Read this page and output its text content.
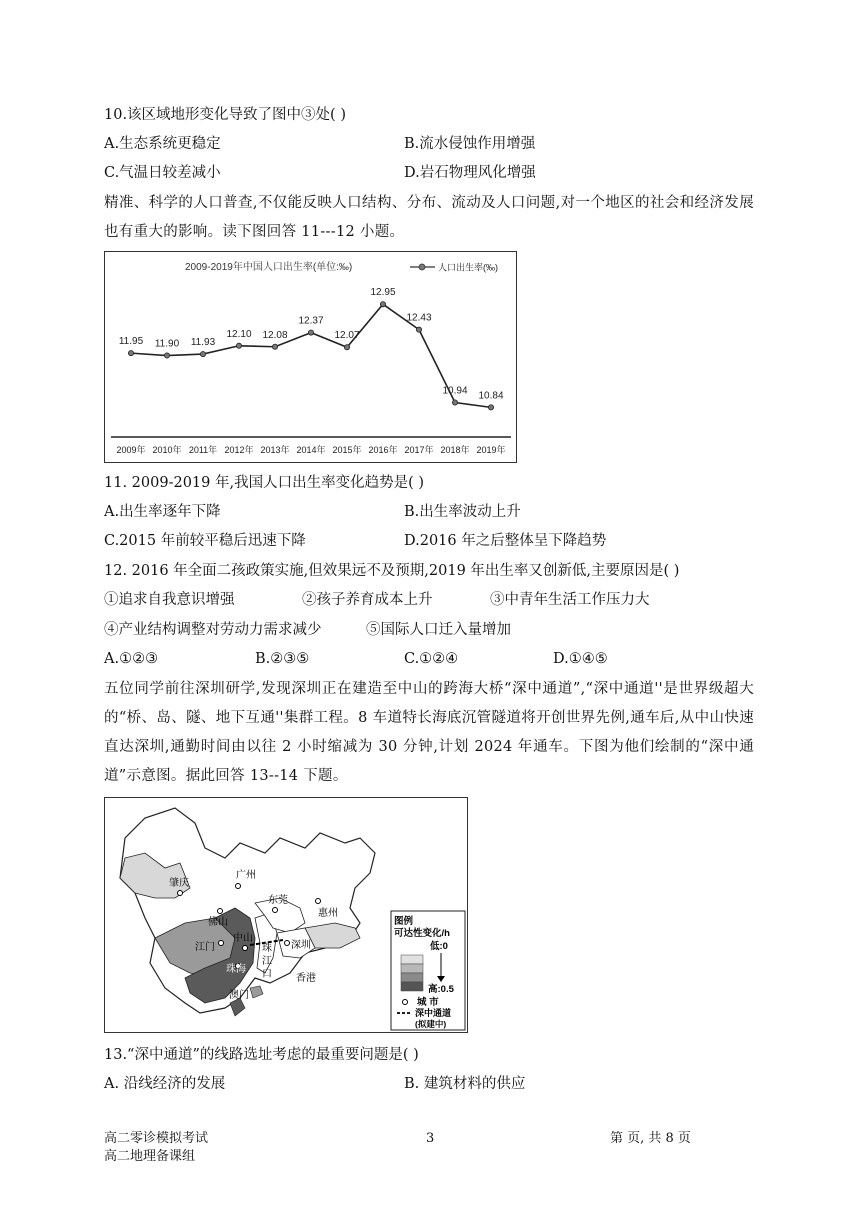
10.该区域地形变化导致了图中③处( )
A.生态系统更稳定	B.流水侵蚀作用增强
C.气温日较差减小	D.岩石物理风化增强
精准、科学的人口普查,不仅能反映人口结构、分布、流动及人口问题,对一个地区的社会和经济发展也有重大的影响。读下图回答 11---12 小题。
2009-2019年中国人口出生率(单位:‰)	人口出生率(‰)
11.95
2009年
11.90
2010年
11.93
2011年
12.10
2012年
12.08
2013年
12.37
2014年
12.07
2015年
12.95
2016年
12.43
2017年
10.94
2018年
10.84
2019年
11. 2009-2019 年,我国人口出生率变化趋势是( )
A.出生率逐年下降	B.出生率波动上升
C.2015 年前较平稳后迅速下降	D.2016 年之后整体呈下降趋势
12. 2016 年全面二孩政策实施,但效果远不及预期,2019 年出生率又创新低,主要原因是( )
①追求自我意识增强	②孩子养育成本上升	③中青年生活工作压力大
④产业结构调整对劳动力需求减少	⑤国际人口迁入量增加
A.①②③	B.②③⑤	C.①②④	D.①④⑤
五位同学前往深圳研学,发现深圳正在建造至中山的跨海大桥“深中通道”,“深中通道''是世界级超大的“桥、岛、隧、地下互通''集群工程。8 车道特长海底沉管隧道将开创世界先例,通车后,从中山快速直达深圳,通勤时间由以往 2 小时缩减为 30 分钟,计划 2024 年通车。下图为他们绘制的“深中通道”示意图。据此回答 13--14 下题。
肇庆
广州
东莞
惠州
佛山
江门
中山
深圳
珠海
香港
澳门
珠
江
口
图例
可达性变化/h
低:0
高:0.5
城 市
深中通道
(拟建中)
13.“深中通道”的线路选址考虑的最重要问题是( )
A. 沿线经济的发展	B. 建筑材料的供应
高二零诊模拟考试
高二地理备课组
3	第 页, 共 8 页
